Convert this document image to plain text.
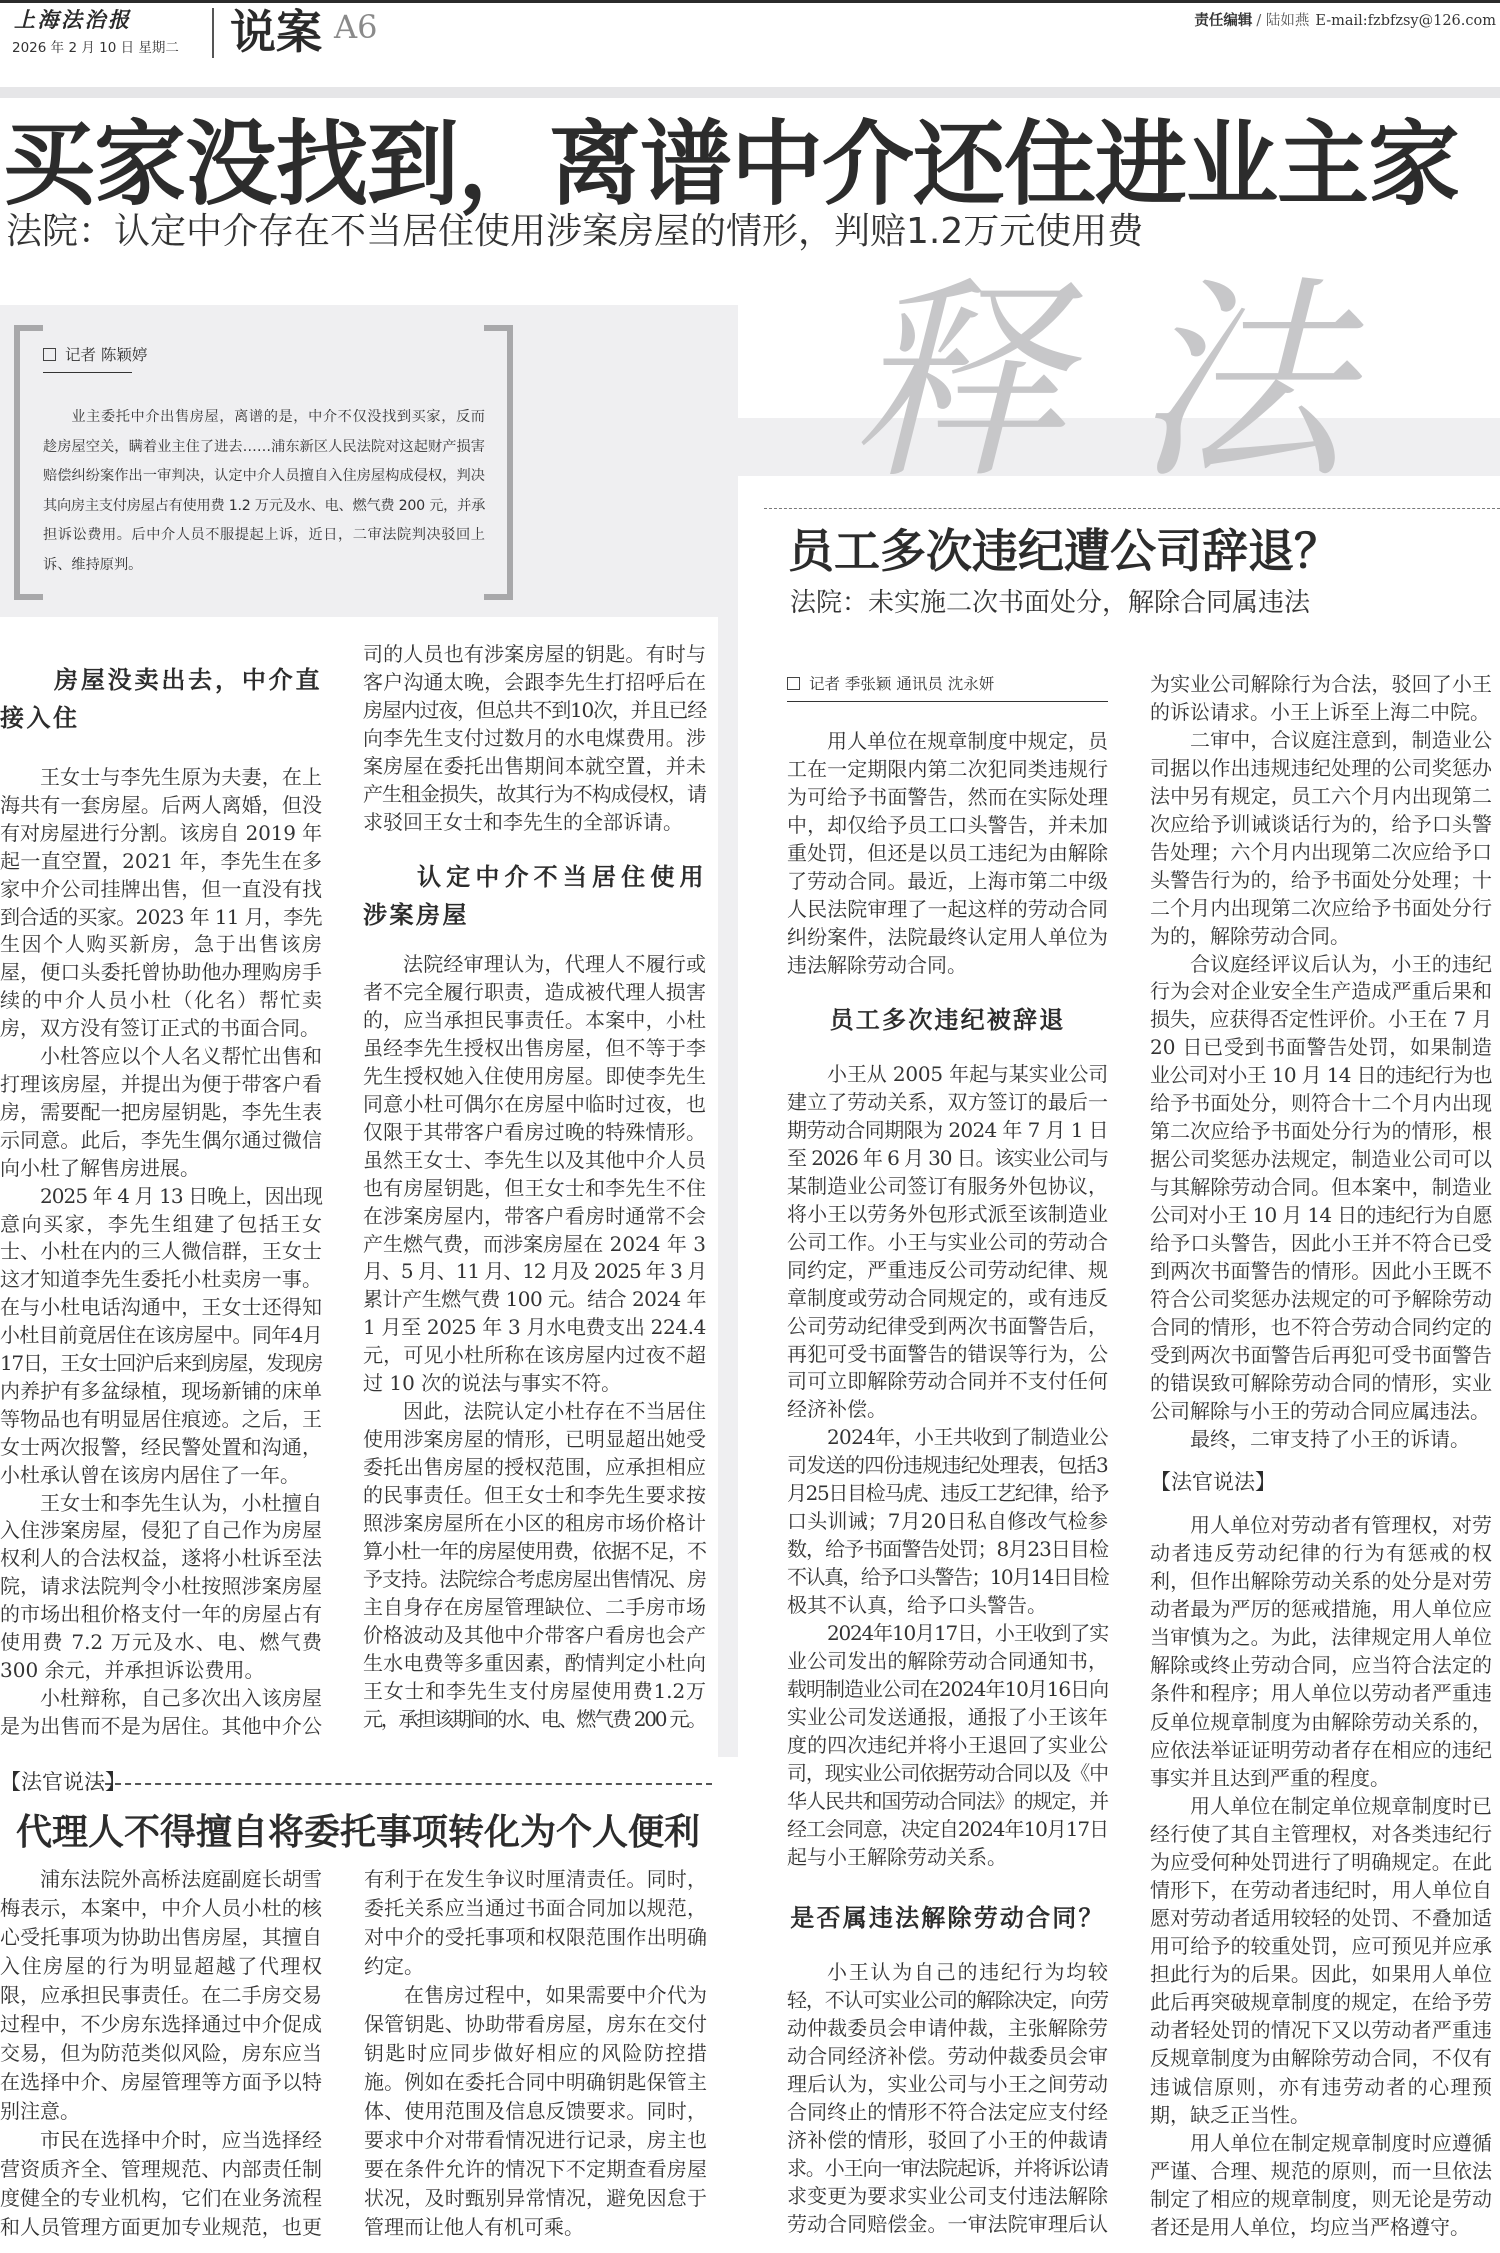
上海法治报
2026 年 2 月 10 日 星期二 说案 A6	责任编辑 / 陆如燕 E-mail:fzbfzsy@126.com
买家没找到，离谱中介还住进业主家
法院：认定中介存在不当居住使用涉案房屋的情形，判赔1.2万元使用费
记者 陈颖婷
业主委托中介出售房屋，离谱的是，中介不仅没找到买家，反而
趁房屋空关，瞒着业主住了进去……浦东新区人民法院对这起财产损害
赔偿纠纷案作出一审判决，认定中介人员擅自入住房屋构成侵权，判决
其向房主支付房屋占有使用费 1.2 万元及水、电、燃气费 200 元，并承
担诉讼费用。后中介人员不服提起上诉，近日，二审法院判决驳回上
诉、维持原判。
房屋没卖出去，中介直接入住
王女士与李先生原为夫妻，在上
海共有一套房屋。后两人离婚，但没
有对房屋进行分割。该房自 2019 年
起一直空置，2021 年，李先生在多
家中介公司挂牌出售，但一直没有找
到合适的买家。2023 年 11 月，李先
生因个人购买新房，急于出售该房
屋，便口头委托曾协助他办理购房手
续的中介人员小杜（化名）帮忙卖
房，双方没有签订正式的书面合同。
小杜答应以个人名义帮忙出售和
打理该房屋，并提出为便于带客户看
房，需要配一把房屋钥匙，李先生表
示同意。此后，李先生偶尔通过微信
向小杜了解售房进展。
2025 年 4 月 13 日晚上，因出现
意向买家，李先生组建了包括王女
士、小杜在内的三人微信群，王女士
这才知道李先生委托小杜卖房一事。
在与小杜电话沟通中，王女士还得知
小杜目前竟居住在该房屋中。同年4月
17日，王女士回沪后来到房屋，发现房
内养护有多盆绿植，现场新铺的床单
等物品也有明显居住痕迹。之后，王
女士两次报警，经民警处置和沟通，
小杜承认曾在该房内居住了一年。
王女士和李先生认为，小杜擅自
入住涉案房屋，侵犯了自己作为房屋
权利人的合法权益，遂将小杜诉至法
院，请求法院判令小杜按照涉案房屋
的市场出租价格支付一年的房屋占有
使用费 7.2 万元及水、电、燃气费
300 余元，并承担诉讼费用。
小杜辩称，自己多次出入该房屋
是为出售而不是为居住。其他中介公
司的人员也有涉案房屋的钥匙。有时与
客户沟通太晚，会跟李先生打招呼后在
房屋内过夜，但总共不到10次，并且已经
向李先生支付过数月的水电煤费用。涉
案房屋在委托出售期间本就空置，并未
产生租金损失，故其行为不构成侵权，请
求驳回王女士和李先生的全部诉请。
认定中介不当居住使用涉案房屋
法院经审理认为，代理人不履行或
者不完全履行职责，造成被代理人损害
的，应当承担民事责任。本案中，小杜
虽经李先生授权出售房屋，但不等于李
先生授权她入住使用房屋。即使李先生
同意小杜可偶尔在房屋中临时过夜，也
仅限于其带客户看房过晚的特殊情形。
虽然王女士、李先生以及其他中介人员
也有房屋钥匙，但王女士和李先生不住
在涉案房屋内，带客户看房时通常不会
产生燃气费，而涉案房屋在 2024 年 3
月、5 月、11 月、12 月及 2025 年 3 月
累计产生燃气费 100 元。结合 2024 年
1 月至 2025 年 3 月水电费支出 224.4
元，可见小杜所称在该房屋内过夜不超
过 10 次的说法与事实不符。
因此，法院认定小杜存在不当居住
使用涉案房屋的情形，已明显超出她受
委托出售房屋的授权范围，应承担相应
的民事责任。但王女士和李先生要求按
照涉案房屋所在小区的租房市场价格计
算小杜一年的房屋使用费，依据不足，不
予支持。法院综合考虑房屋出售情况、房
主自身存在房屋管理缺位、二手房市场
价格波动及其他中介带客户看房也会产
生水电费等多重因素，酌情判定小杜向
王女士和李先生支付房屋使用费1.2万
元，承担该期间的水、电、燃气费 200 元。
【法官说法】
代理人不得擅自将委托事项转化为个人便利
浦东法院外高桥法庭副庭长胡雪
梅表示，本案中，中介人员小杜的核
心受托事项为协助出售房屋，其擅自
入住房屋的行为明显超越了代理权
限，应承担民事责任。在二手房交易
过程中，不少房东选择通过中介促成
交易，但为防范类似风险，房东应当
在选择中介、房屋管理等方面予以特
别注意。
市民在选择中介时，应当选择经
营资质齐全、管理规范、内部责任制
度健全的专业机构，它们在业务流程
和人员管理方面更加专业规范，也更
有利于在发生争议时厘清责任。同时，
委托关系应当通过书面合同加以规范，
对中介的受托事项和权限范围作出明确
约定。
在售房过程中，如果需要中介代为
保管钥匙、协助带看房屋，房东在交付
钥匙时应同步做好相应的风险防控措
施。例如在委托合同中明确钥匙保管主
体、使用范围及信息反馈要求。同时，
要求中介对带看情况进行记录，房主也
要在条件允许的情况下不定期查看房屋
状况，及时甄别异常情况，避免因怠于
管理而让他人有机可乘。
释法
员工多次违纪遭公司辞退？
法院：未实施二次书面处分，解除合同属违法
记者 季张颖 通讯员 沈永妍
用人单位在规章制度中规定，员
工在一定期限内第二次犯同类违规行
为可给予书面警告，然而在实际处理
中，却仅给予员工口头警告，并未加
重处罚，但还是以员工违纪为由解除
了劳动合同。最近，上海市第二中级
人民法院审理了一起这样的劳动合同
纠纷案件，法院最终认定用人单位为
违法解除劳动合同。
员工多次违纪被辞退
小王从 2005 年起与某实业公司
建立了劳动关系，双方签订的最后一
期劳动合同期限为 2024 年 7 月 1 日
至 2026 年 6 月 30 日。该实业公司与
某制造业公司签订有服务外包协议，
将小王以劳务外包形式派至该制造业
公司工作。小王与实业公司的劳动合
同约定，严重违反公司劳动纪律、规
章制度或劳动合同规定的，或有违反
公司劳动纪律受到两次书面警告后，
再犯可受书面警告的错误等行为，公
司可立即解除劳动合同并不支付任何
经济补偿。
2024年，小王共收到了制造业公
司发送的四份违规违纪处理表，包括3
月25日目检马虎、违反工艺纪律，给予
口头训诫；7月20日私自修改气检参
数，给予书面警告处罚；8月23日目检
不认真，给予口头警告；10月14日目检
极其不认真，给予口头警告。
2024年10月17日，小王收到了实
业公司发出的解除劳动合同通知书，
载明制造业公司在2024年10月16日向
实业公司发送通报，通报了小王该年
度的四次违纪并将小王退回了实业公
司，现实业公司依据劳动合同以及《中
华人民共和国劳动合同法》的规定，并
经工会同意，决定自2024年10月17日
起与小王解除劳动关系。
是否属违法解除劳动合同？
小王认为自己的违纪行为均较
轻，不认可实业公司的解除决定，向劳
动仲裁委员会申请仲裁，主张解除劳
动合同经济补偿。劳动仲裁委员会审
理后认为，实业公司与小王之间劳动
合同终止的情形不符合法定应支付经
济补偿的情形，驳回了小王的仲裁请
求。小王向一审法院起诉，并将诉讼请
求变更为要求实业公司支付违法解除
劳动合同赔偿金。一审法院审理后认
为实业公司解除行为合法，驳回了小王
的诉讼请求。小王上诉至上海二中院。
二审中，合议庭注意到，制造业公
司据以作出违规违纪处理的公司奖惩办
法中另有规定，员工六个月内出现第二
次应给予训诫谈话行为的，给予口头警
告处理；六个月内出现第二次应给予口
头警告行为的，给予书面处分处理；十
二个月内出现第二次应给予书面处分行
为的，解除劳动合同。
合议庭经评议后认为，小王的违纪
行为会对企业安全生产造成严重后果和
损失，应获得否定性评价。小王在 7 月
20 日已受到书面警告处罚，如果制造
业公司对小王 10 月 14 日的违纪行为也
给予书面处分，则符合十二个月内出现
第二次应给予书面处分行为的情形，根
据公司奖惩办法规定，制造业公司可以
与其解除劳动合同。但本案中，制造业
公司对小王 10 月 14 日的违纪行为自愿
给予口头警告，因此小王并不符合已受
到两次书面警告的情形。因此小王既不
符合公司奖惩办法规定的可予解除劳动
合同的情形，也不符合劳动合同约定的
受到两次书面警告后再犯可受书面警告
的错误致可解除劳动合同的情形，实业
公司解除与小王的劳动合同应属违法。
最终，二审支持了小王的诉请。
【法官说法】
用人单位对劳动者有管理权，对劳
动者违反劳动纪律的行为有惩戒的权
利，但作出解除劳动关系的处分是对劳
动者最为严厉的惩戒措施，用人单位应
当审慎为之。为此，法律规定用人单位
解除或终止劳动合同，应当符合法定的
条件和程序；用人单位以劳动者严重违
反单位规章制度为由解除劳动关系的，
应依法举证证明劳动者存在相应的违纪
事实并且达到严重的程度。
用人单位在制定单位规章制度时已
经行使了其自主管理权，对各类违纪行
为应受何种处罚进行了明确规定。在此
情形下，在劳动者违纪时，用人单位自
愿对劳动者适用较轻的处罚、不叠加适
用可给予的较重处罚，应可预见并应承
担此行为的后果。因此，如果用人单位
此后再突破规章制度的规定，在给予劳
动者轻处罚的情况下又以劳动者严重违
反规章制度为由解除劳动合同，不仅有
违诚信原则，亦有违劳动者的心理预
期，缺乏正当性。
用人单位在制定规章制度时应遵循
严谨、合理、规范的原则，而一旦依法
制定了相应的规章制度，则无论是劳动
者还是用人单位，均应当严格遵守。
